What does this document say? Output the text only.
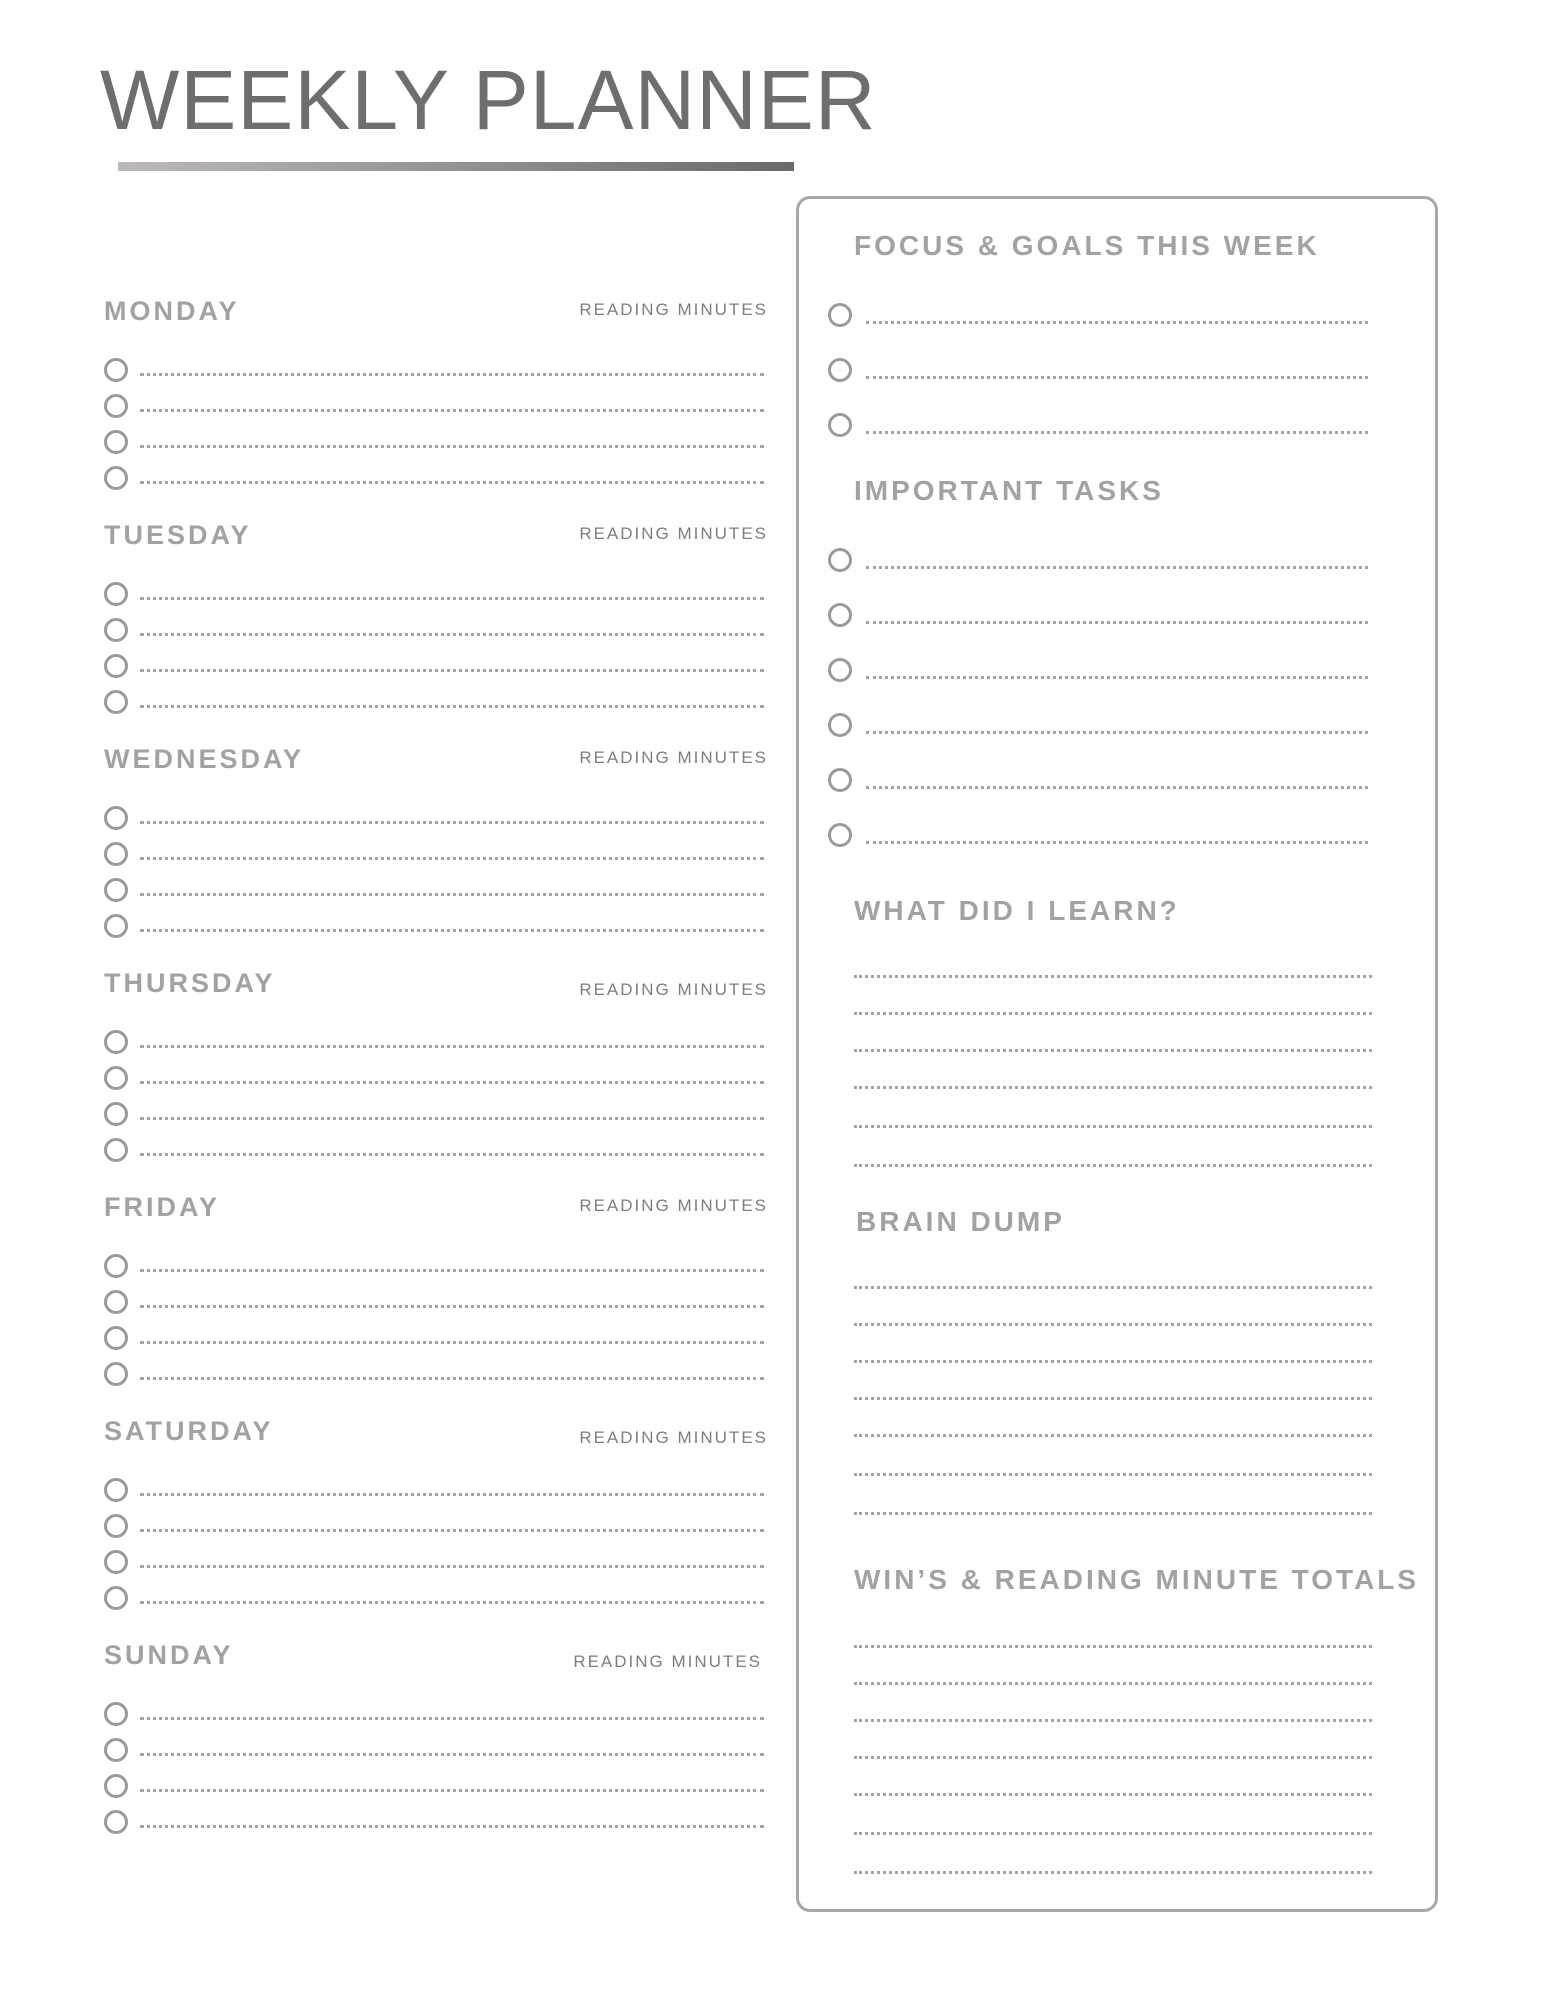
WEEKLY PLANNER
MONDAY	READING MINUTES
TUESDAY	READING MINUTES
WEDNESDAY	READING MINUTES
THURSDAY	READING MINUTES
FRIDAY	READING MINUTES
SATURDAY	READING MINUTES
SUNDAY	READING MINUTES
FOCUS & GOALS THIS WEEK
IMPORTANT TASKS
WHAT DID I LEARN?
BRAIN DUMP
WIN’S & READING MINUTE TOTALS
